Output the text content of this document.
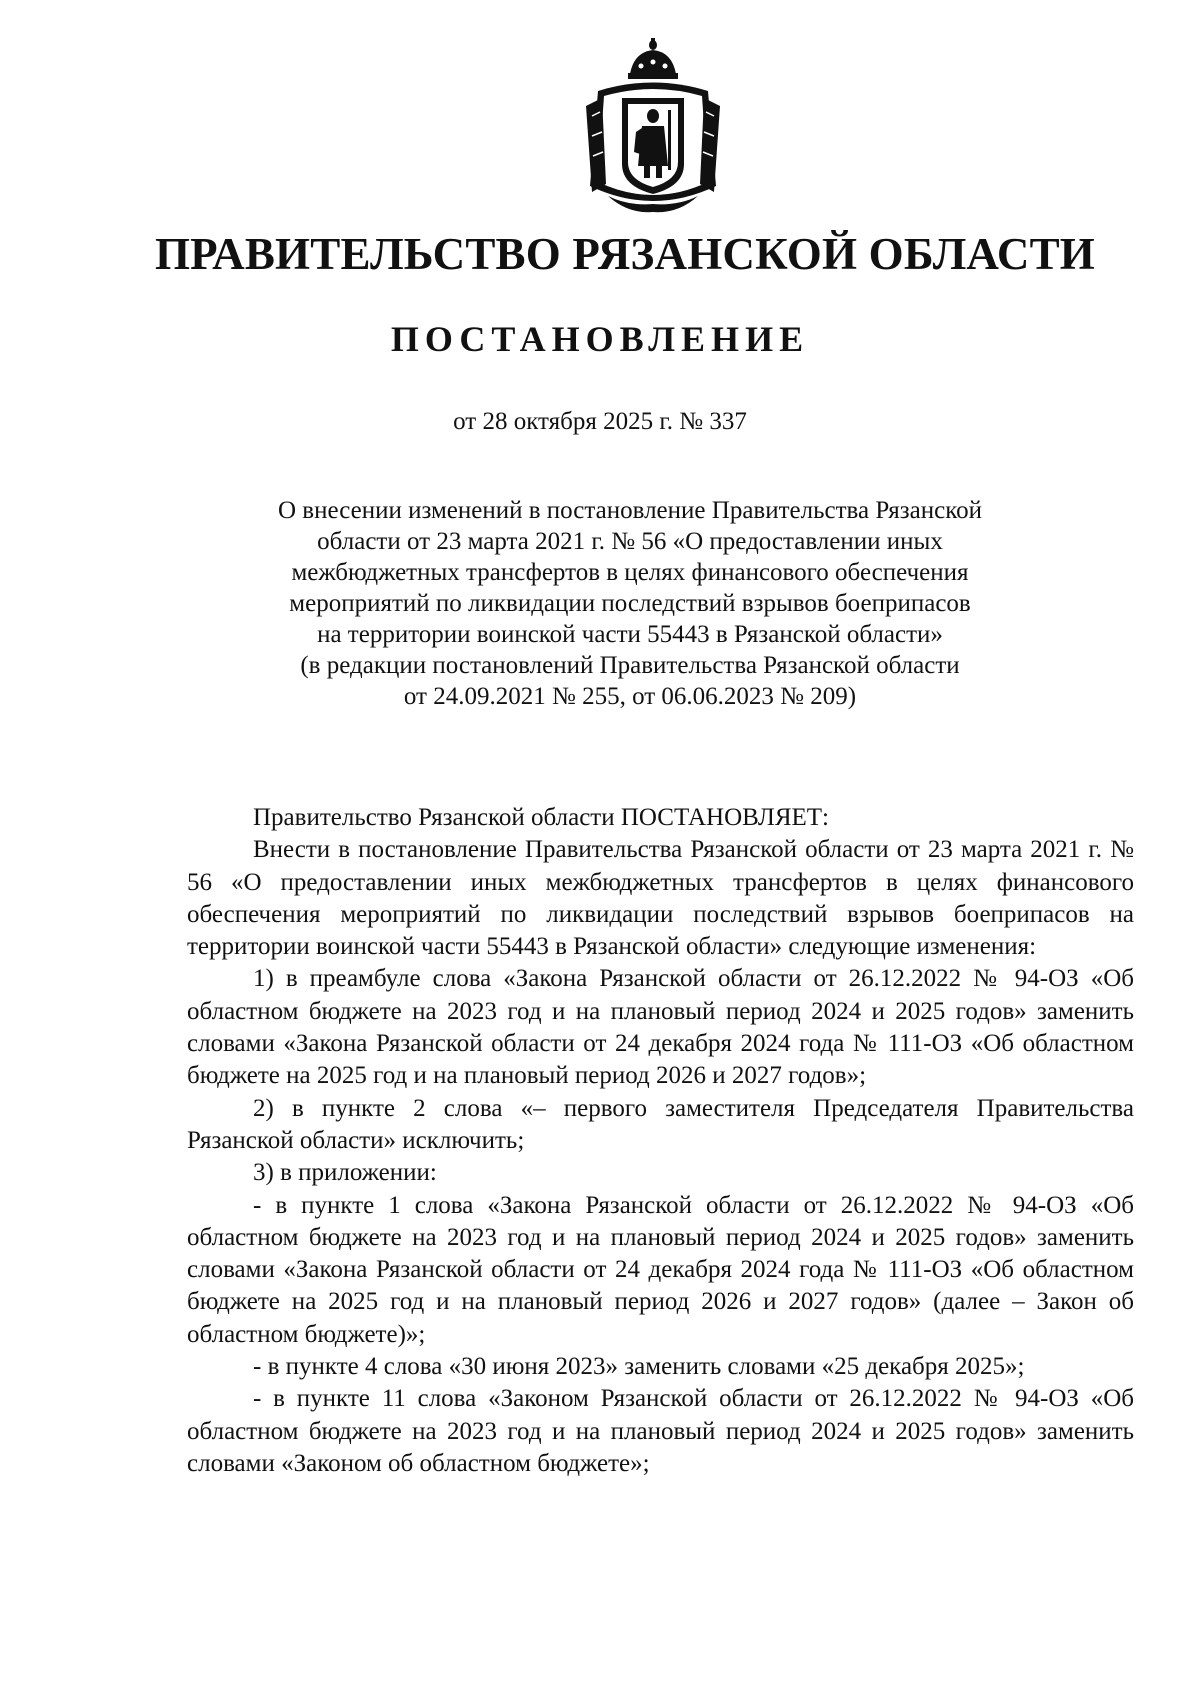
ПРАВИТЕЛЬСТВО РЯЗАНСКОЙ ОБЛАСТИ
ПОСТАНОВЛЕНИЕ
от 28 октября 2025 г. № 337
О внесении изменений в постановление Правительства Рязанской
области от 23 марта 2021 г. № 56 «О предоставлении иных
межбюджетных трансфертов в целях финансового обеспечения
мероприятий по ликвидации последствий взрывов боеприпасов
на территории воинской части 55443 в Рязанской области»
(в редакции постановлений Правительства Рязанской области
от 24.09.2021 № 255, от 06.06.2023 № 209)

Правительство Рязанской области ПОСТАНОВЛЯЕТ:

Внести в постановление Правительства Рязанской области от 23 марта 2021 г. № 56 «О предоставлении иных межбюджетных трансфертов в целях финансового обеспечения мероприятий по ликвидации последствий взрывов боеприпасов на территории воинской части 55443 в Рязанской области» следующие изменения:

1) в преамбуле слова «Закона Рязанской области от 26.12.2022 № 94-ОЗ «Об областном бюджете на 2023 год и на плановый период 2024 и 2025 годов» заменить словами «Закона Рязанской области от 24 декабря 2024 года № 111-ОЗ «Об областном бюджете на 2025 год и на плановый период 2026 и 2027 годов»;

2) в пункте 2 слова «– первого заместителя Председателя Правительства Рязанской области» исключить;

3) в приложении:

- в пункте 1 слова «Закона Рязанской области от 26.12.2022 № 94-ОЗ «Об областном бюджете на 2023 год и на плановый период 2024 и 2025 годов» заменить словами «Закона Рязанской области от 24 декабря 2024 года № 111-ОЗ «Об областном бюджете на 2025 год и на плановый период 2026 и 2027 годов» (далее – Закон об областном бюджете)»;

- в пункте 4 слова «30 июня 2023» заменить словами «25 декабря 2025»;

- в пункте 11 слова «Законом Рязанской области от 26.12.2022 № 94-ОЗ «Об областном бюджете на 2023 год и на плановый период 2024 и 2025 годов» заменить словами «Законом об областном бюджете»;
